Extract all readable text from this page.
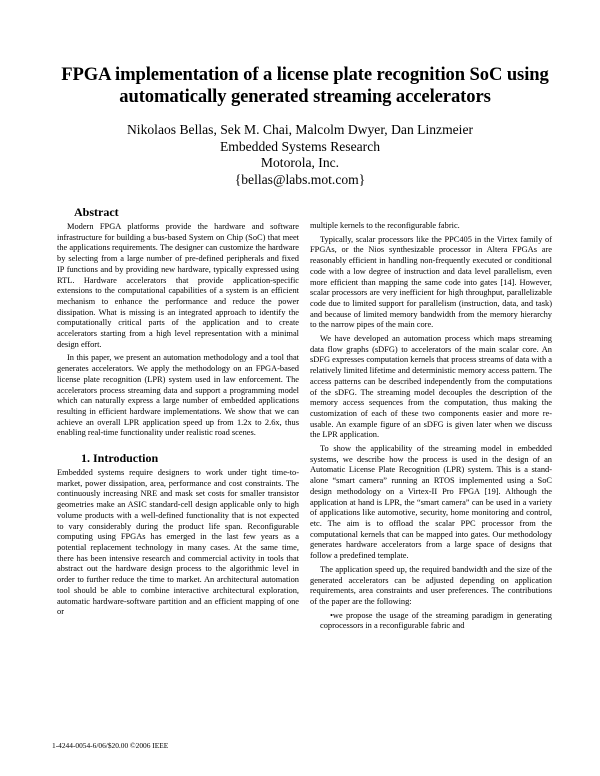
FPGA implementation of a license plate recognition SoC using automatically generated streaming accelerators
Nikolaos Bellas, Sek M. Chai, Malcolm Dwyer, Dan Linzmeier
Embedded Systems Research
Motorola, Inc.
{bellas@labs.mot.com}
Abstract

Modern FPGA platforms provide the hardware and software infrastructure for building a bus-based System on Chip (SoC) that meet the applications requirements. The designer can customize the hardware by selecting from a large number of pre-defined peripherals and fixed IP functions and by providing new hardware, typically expressed using RTL. Hardware accelerators that provide application-specific extensions to the computational capabilities of a system is an efficient mechanism to enhance the performance and reduce the power dissipation. What is missing is an integrated approach to identify the computationally critical parts of the application and to create accelerators starting from a high level representation with a minimal design effort.

In this paper, we present an automation methodology and a tool that generates accelerators. We apply the methodology on an FPGA-based license plate recognition (LPR) system used in law enforcement. The accelerators process streaming data and support a programming model which can naturally express a large number of embedded applications resulting in efficient hardware implementations. We show that we can achieve an overall LPR application speed up from 1.2x to 2.6x, thus enabling real-time functionality under realistic road scenes.

1. Introduction

Embedded systems require designers to work under tight time-to-market, power dissipation, area, performance and cost constraints. The continuously increasing NRE and mask set costs for smaller transistor geometries make an ASIC standard-cell design applicable only to high volume products with a well-defined functionality that is not expected to vary considerably during the product life span. Reconfigurable computing using FPGAs has emerged in the last few years as a potential replacement technology in many cases. At the same time, there has been intensive research and commercial activity in tools that abstract out the hardware design process to the algorithmic level in order to further reduce the time to market. An architectural automation tool should be able to combine interactive architectural exploration, automatic hardware-software partition and an efficient mapping of one or

multiple kernels to the reconfigurable fabric.

Typically, scalar processors like the PPC405 in the Virtex family of FPGAs, or the Nios synthesizable processor in Altera FPGAs are reasonably efficient in handling non-frequently executed or conditional code with a low degree of instruction and data level parallelism, even more efficient than mapping the same code into gates [14]. However, scalar processors are very inefficient for high throughput, parallelizable code due to limited support for parallelism (instruction, data, and task) and because of limited memory bandwidth from the memory hierarchy to the narrow pipes of the main core.

We have developed an automation process which maps streaming data flow graphs (sDFG) to accelerators of the main scalar core. An sDFG expresses computation kernels that process streams of data with a relatively limited lifetime and deterministic memory access pattern. The access patterns can be described independently from the computations of the sDFG. The streaming model decouples the description of the memory access sequences from the computation, thus making the customization of each of these two components easier and more re-usable. An example figure of an sDFG is given later when we discuss the LPR application.

To show the applicability of the streaming model in embedded systems, we describe how the process is used in the design of an Automatic License Plate Recognition (LPR) system. This is a stand-alone “smart camera” running an RTOS implemented using a SoC design methodology on a Virtex-II Pro FPGA [19]. Although the application at hand is LPR, the “smart camera” can be used in a variety of applications like automotive, security, home monitoring and control, etc. The aim is to offload the scalar PPC processor from the computational kernels that can be mapped into gates. Our methodology generates hardware accelerators from a large space of designs that follow a predefined template.

The application speed up, the required bandwidth and the size of the generated accelerators can be adjusted depending on application requirements, area constraints and user preferences. The contributions of the paper are the following:

•we propose the usage of the streaming paradigm in generating coprocessors in a reconfigurable fabric and

1-4244-0054-6/06/$20.00 ©2006 IEEE
